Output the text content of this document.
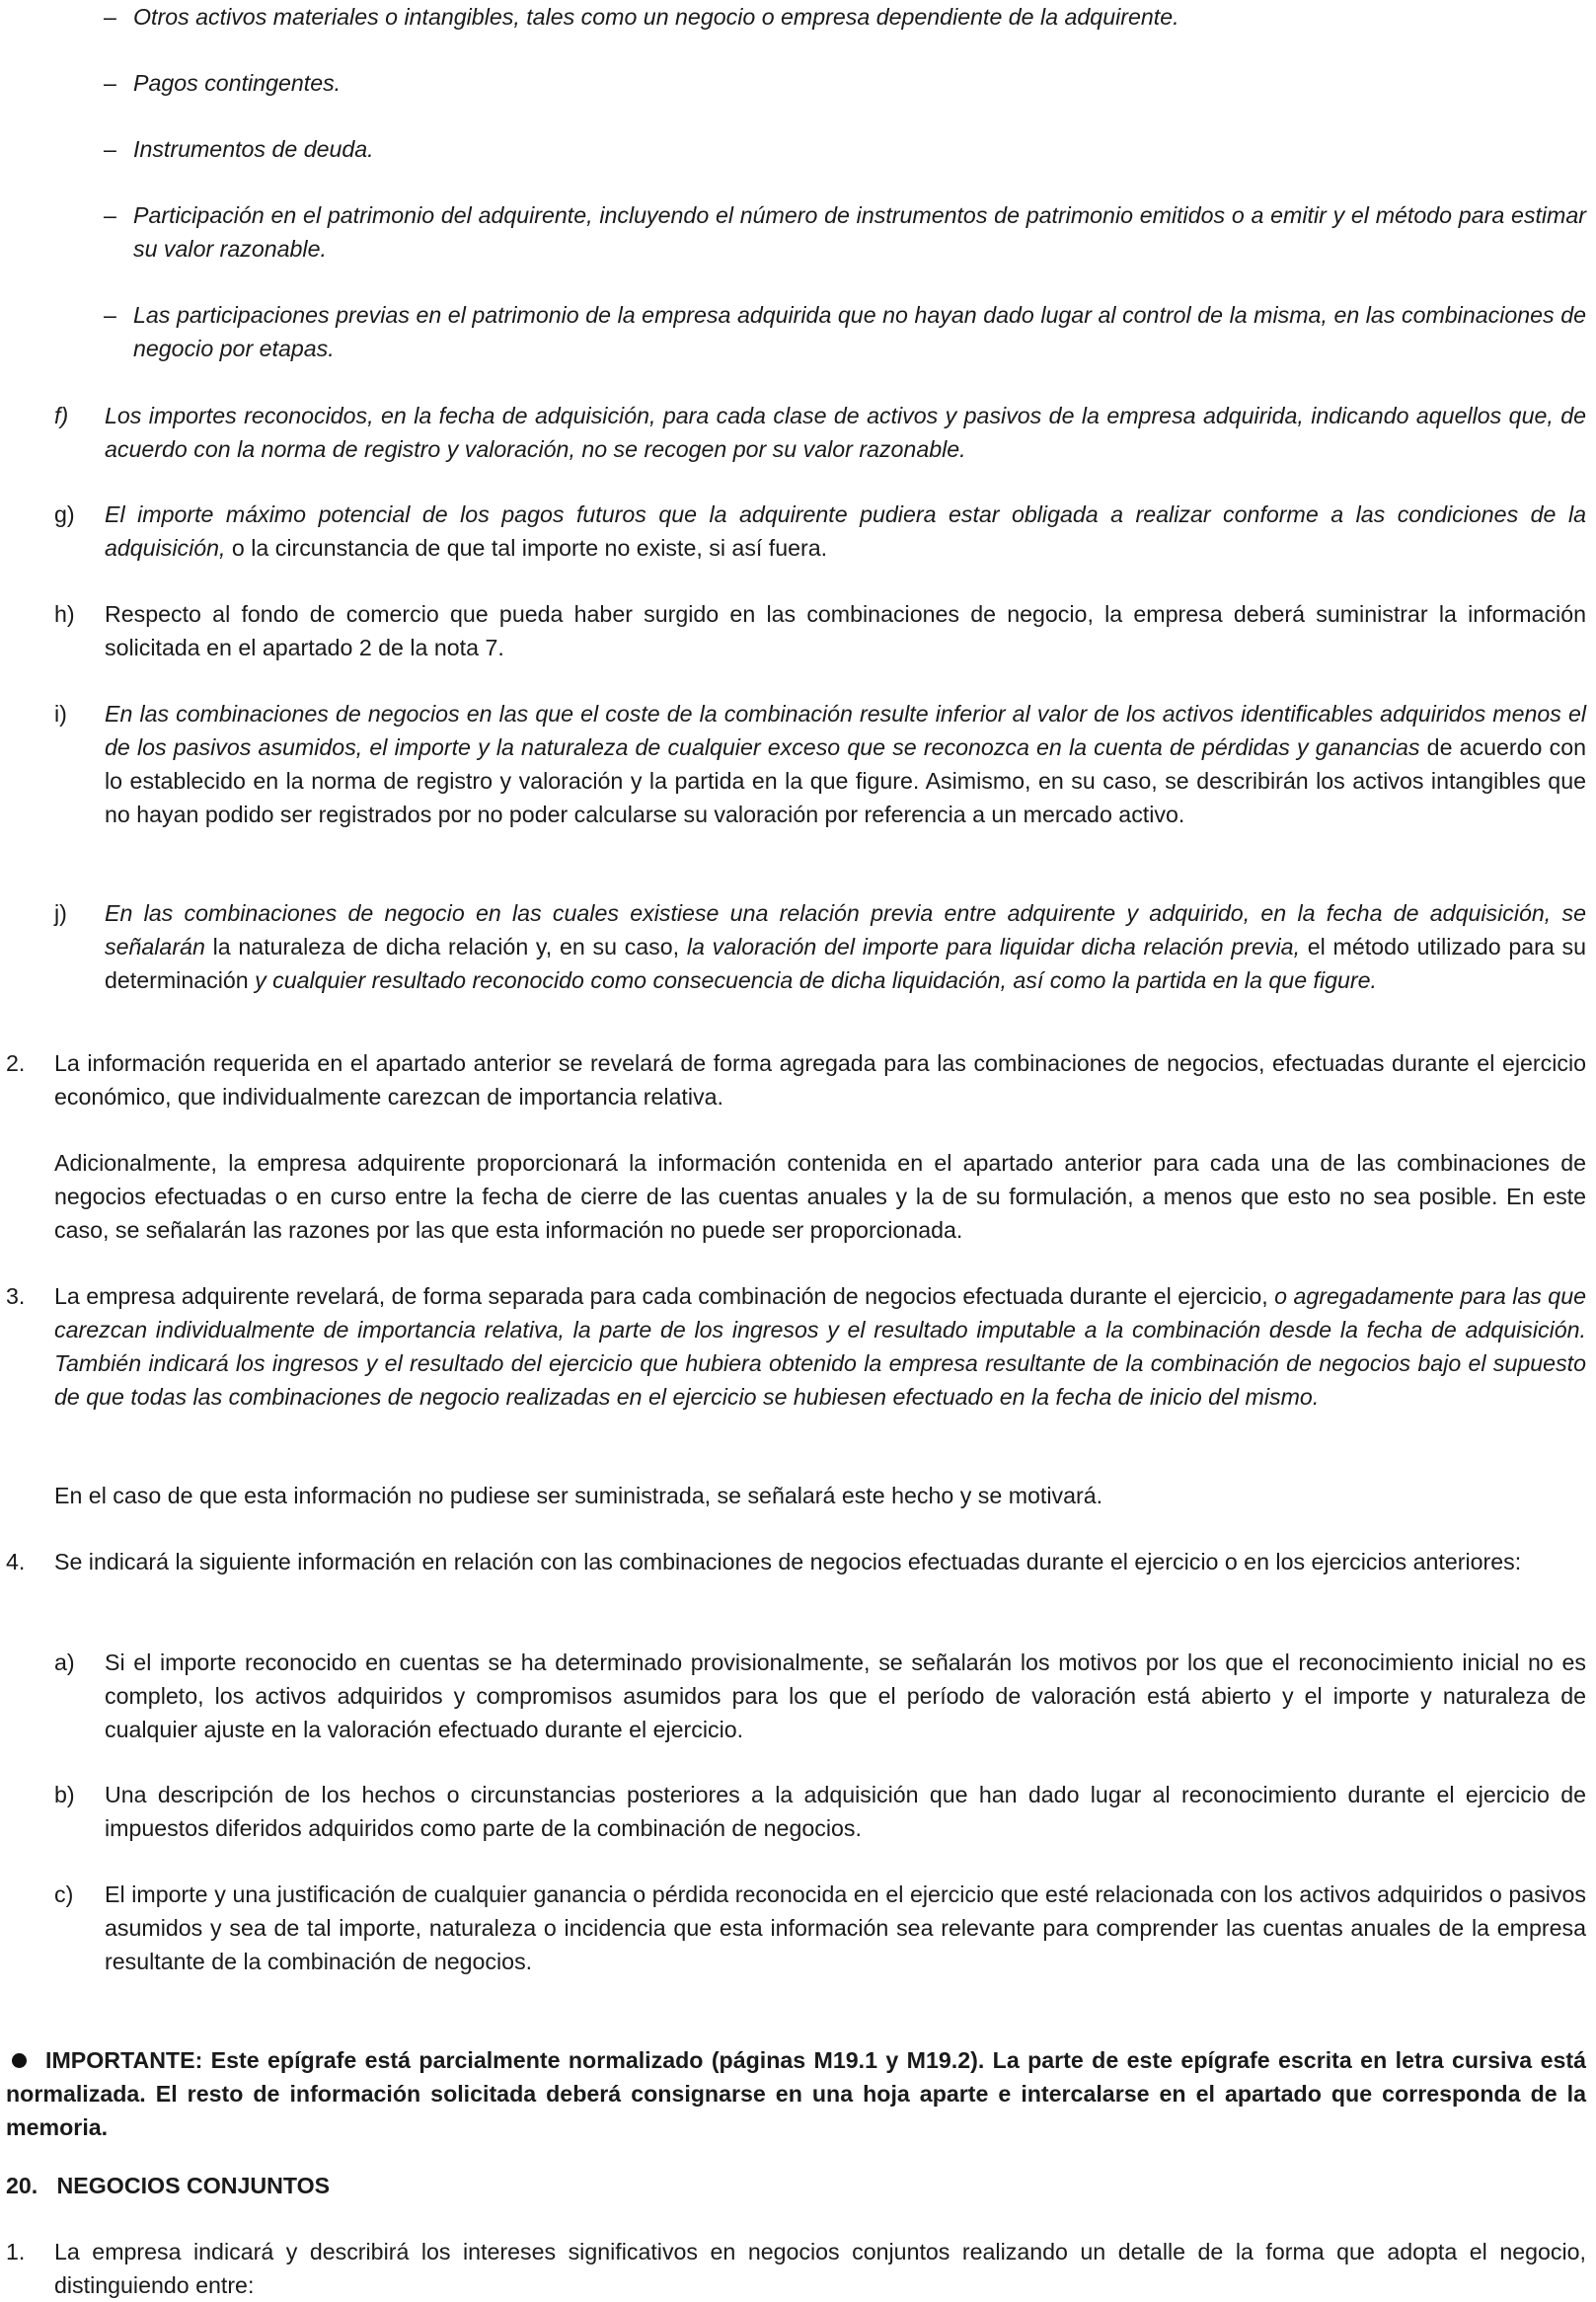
– Otros activos materiales o intangibles, tales como un negocio o empresa dependiente de la adquirente.

– Pagos contingentes.

– Instrumentos de deuda.

– Participación en el patrimonio del adquirente, incluyendo el número de instrumentos de patrimonio emitidos o a emitir y el método para estimar su valor razonable.

– Las participaciones previas en el patrimonio de la empresa adquirida que no hayan dado lugar al control de la misma, en las combinaciones de negocio por etapas.

f) Los importes reconocidos, en la fecha de adquisición, para cada clase de activos y pasivos de la empresa adquirida, indicando aquellos que, de acuerdo con la norma de registro y valoración, no se recogen por su valor razonable.

g) El importe máximo potencial de los pagos futuros que la adquirente pudiera estar obligada a realizar conforme a las condiciones de la adquisición, o la circunstancia de que tal importe no existe, si así fuera.

h) Respecto al fondo de comercio que pueda haber surgido en las combinaciones de negocio, la empresa deberá suministrar la información solicitada en el apartado 2 de la nota 7.

i) En las combinaciones de negocios en las que el coste de la combinación resulte inferior al valor de los activos identificables adquiridos menos el de los pasivos asumidos, el importe y la naturaleza de cualquier exceso que se reconozca en la cuenta de pérdidas y ganancias de acuerdo con lo establecido en la norma de registro y valoración y la partida en la que figure. Asimismo, en su caso, se describirán los activos intangibles que no hayan podido ser registrados por no poder calcularse su valoración por referencia a un mercado activo.

j) En las combinaciones de negocio en las cuales existiese una relación previa entre adquirente y adquirido, en la fecha de adquisición, se señalarán la naturaleza de dicha relación y, en su caso, la valoración del importe para liquidar dicha relación previa, el método utilizado para su determinación y cualquier resultado reconocido como consecuencia de dicha liquidación, así como la partida en la que figure.

2. La información requerida en el apartado anterior se revelará de forma agregada para las combinaciones de negocios, efectuadas durante el ejercicio económico, que individualmente carezcan de importancia relativa.

Adicionalmente, la empresa adquirente proporcionará la información contenida en el apartado anterior para cada una de las combinaciones de negocios efectuadas o en curso entre la fecha de cierre de las cuentas anuales y la de su formulación, a menos que esto no sea posible. En este caso, se señalarán las razones por las que esta información no puede ser proporcionada.

3. La empresa adquirente revelará, de forma separada para cada combinación de negocios efectuada durante el ejercicio, o agregadamente para las que carezcan individualmente de importancia relativa, la parte de los ingresos y el resultado imputable a la combinación desde la fecha de adquisición. También indicará los ingresos y el resultado del ejercicio que hubiera obtenido la empresa resultante de la combinación de negocios bajo el supuesto de que todas las combinaciones de negocio realizadas en el ejercicio se hubiesen efectuado en la fecha de inicio del mismo.

En el caso de que esta información no pudiese ser suministrada, se señalará este hecho y se motivará.

4. Se indicará la siguiente información en relación con las combinaciones de negocios efectuadas durante el ejercicio o en los ejercicios anteriores:

a) Si el importe reconocido en cuentas se ha determinado provisionalmente, se señalarán los motivos por los que el reconocimiento inicial no es completo, los activos adquiridos y compromisos asumidos para los que el período de valoración está abierto y el importe y naturaleza de cualquier ajuste en la valoración efectuado durante el ejercicio.

b) Una descripción de los hechos o circunstancias posteriores a la adquisición que han dado lugar al reconocimiento durante el ejercicio de impuestos diferidos adquiridos como parte de la combinación de negocios.

c) El importe y una justificación de cualquier ganancia o pérdida reconocida en el ejercicio que esté relacionada con los activos adquiridos o pasivos asumidos y sea de tal importe, naturaleza o incidencia que esta información sea relevante para comprender las cuentas anuales de la empresa resultante de la combinación de negocios.

IMPORTANTE: Este epígrafe está parcialmente normalizado (páginas M19.1 y M19.2). La parte de este epígrafe escrita en letra cursiva está normalizada. El resto de información solicitada deberá consignarse en una hoja aparte e intercalarse en el apartado que corresponda de la memoria.

20.   NEGOCIOS CONJUNTOS

1. La empresa indicará y describirá los intereses significativos en negocios conjuntos realizando un detalle de la forma que adopta el negocio, distinguiendo entre:
